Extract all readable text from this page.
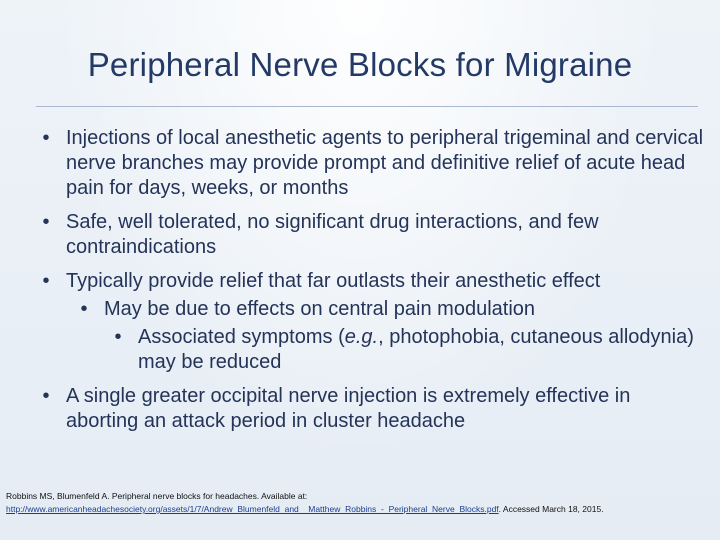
Peripheral Nerve Blocks for Migraine
• Injections of local anesthetic agents to peripheral trigeminal and cervical nerve branches may provide prompt and definitive relief of acute head pain for days, weeks, or months
• Safe, well tolerated, no significant drug interactions, and few contraindications
• Typically provide relief that far outlasts their anesthetic effect
• May be due to effects on central pain modulation
• Associated symptoms (e.g., photophobia, cutaneous allodynia) may be reduced
• A single greater occipital nerve injection is extremely effective in aborting an attack period in cluster headache
Robbins MS, Blumenfeld A. Peripheral nerve blocks for headaches. Available at:
http://www.americanheadachesociety.org/assets/1/7/Andrew_Blumenfeld_and__Matthew_Robbins_-_Peripheral_Nerve_Blocks.pdf. Accessed March 18, 2015.
